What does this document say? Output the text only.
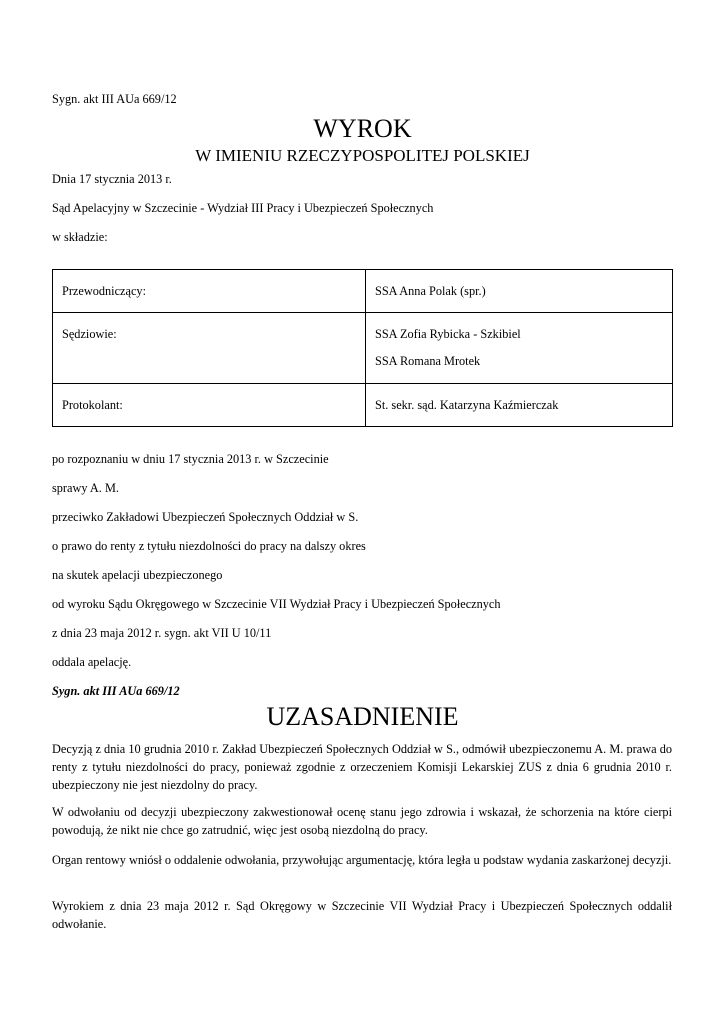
Sygn. akt III AUa 669/12
WYROK
W IMIENIU RZECZYPOSPOLITEJ POLSKIEJ
Dnia 17 stycznia 2013 r.
Sąd Apelacyjny w Szczecinie - Wydział III Pracy i Ubezpieczeń Społecznych
w składzie:
Przewodniczący:	SSA Anna Polak (spr.)
Sędziowie:	SSA Zofia Rybicka - Szkibiel
SSA Romana Mrotek

Protokolant:	St. sekr. sąd. Katarzyna Kaźmierczak
po rozpoznaniu w dniu 17 stycznia 2013 r. w Szczecinie
sprawy A. M.
przeciwko Zakładowi Ubezpieczeń Społecznych Oddział w S.
o prawo do renty z tytułu niezdolności do pracy na dalszy okres
na skutek apelacji ubezpieczonego
od wyroku Sądu Okręgowego w Szczecinie VII Wydział Pracy i Ubezpieczeń Społecznych
z dnia 23 maja 2012 r. sygn. akt VII U 10/11
oddala apelację.
Sygn. akt III AUa 669/12
UZASADNIENIE
Decyzją z dnia 10 grudnia 2010 r. Zakład Ubezpieczeń Społecznych Oddział w S., odmówił ubezpieczonemu A. M. prawa do renty z tytułu niezdolności do pracy, ponieważ zgodnie z orzeczeniem Komisji Lekarskiej ZUS z dnia 6 grudnia 2010 r. ubezpieczony nie jest niezdolny do pracy.
W odwołaniu od decyzji ubezpieczony zakwestionował ocenę stanu jego zdrowia i wskazał, że schorzenia na które cierpi powodują, że nikt nie chce go zatrudnić, więc jest osobą niezdolną do pracy.
Organ rentowy wniósł o oddalenie odwołania, przywołując argumentację, która legła u podstaw wydania zaskarżonej decyzji.
Wyrokiem z dnia 23 maja 2012 r. Sąd Okręgowy w Szczecinie VII Wydział Pracy i Ubezpieczeń Społecznych oddalił odwołanie.
